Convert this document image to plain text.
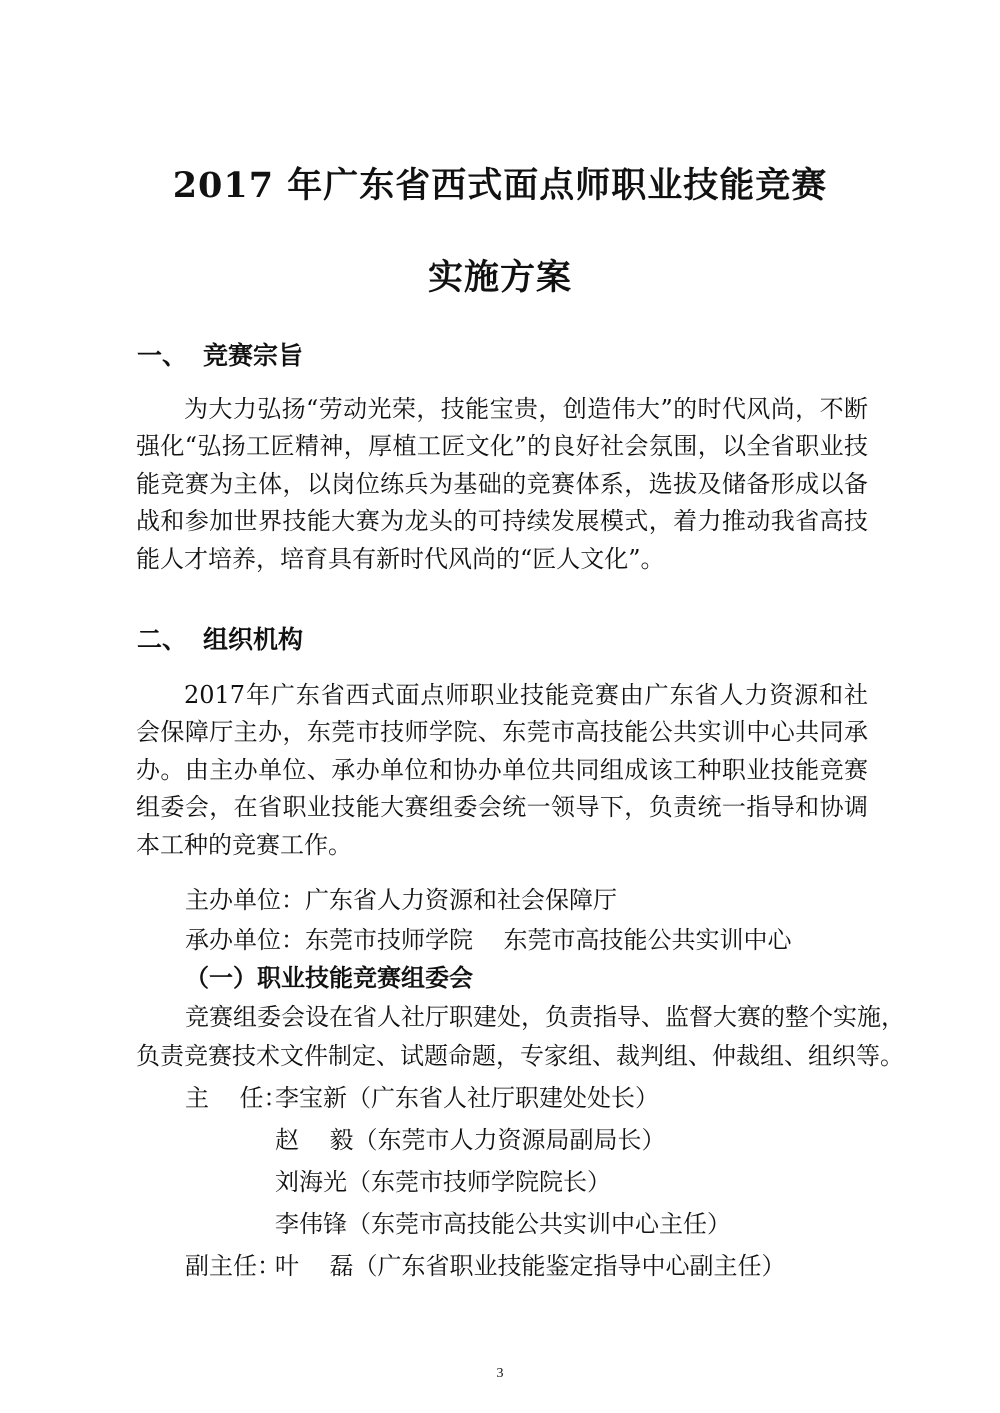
2017 年广东省西式面点师职业技能竞赛
实施方案
一、 竞赛宗旨

为大力弘扬“劳动光荣，技能宝贵，创造伟大”的时代风尚，不断强化“弘扬工匠精神，厚植工匠文化”的良好社会氛围，以全省职业技能竞赛为主体，以岗位练兵为基础的竞赛体系，选拔及储备形成以备战和参加世界技能大赛为龙头的可持续发展模式，着力推动我省高技能人才培养，培育具有新时代风尚的“匠人文化”。

二、 组织机构

2017年广东省西式面点师职业技能竞赛由广东省人力资源和社会保障厅主办，东莞市技师学院、东莞市高技能公共实训中心共同承办。由主办单位、承办单位和协办单位共同组成该工种职业技能竞赛组委会，在省职业技能大赛组委会统一领导下，负责统一指导和协调本工种的竞赛工作。

主办单位：广东省人力资源和社会保障厅
承办单位：东莞市技师学院    东莞市高技能公共实训中心
（一）职业技能竞赛组委会
竞赛组委会设在省人社厅职建处，负责指导、监督大赛的整个实施，
负责竞赛技术文件制定、试题命题，专家组、裁判组、仲裁组、组织等。
主    任：
李宝新（广东省人社厅职建处处长）
赵    毅（东莞市人力资源局副局长）
刘海光（东莞市技师学院院长）
李伟锋（东莞市高技能公共实训中心主任）
副主任：
叶    磊（广东省职业技能鉴定指导中心副主任）
3
